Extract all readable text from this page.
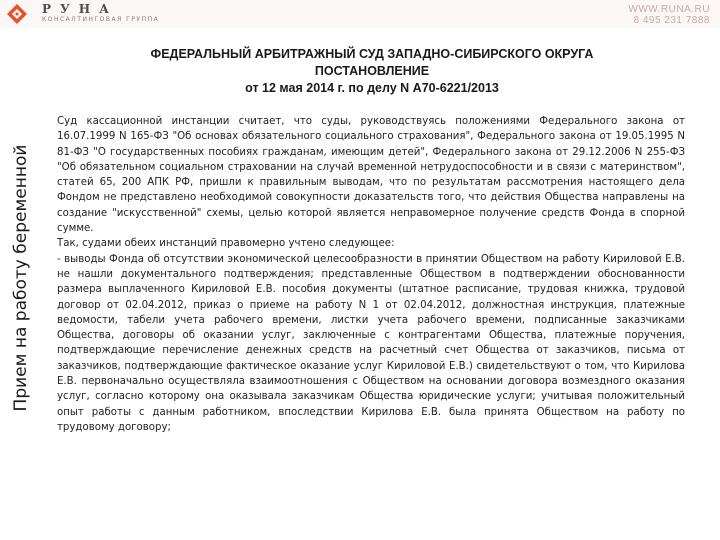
РУНА
КОНСАЛТИНГОВАЯ ГРУППА
WWW.RUNA.RU
8 495 231 7888
Прием на работу беременной
ФЕДЕРАЛЬНЫЙ АРБИТРАЖНЫЙ СУД ЗАПАДНО-СИБИРСКОГО ОКРУГА
ПОСТАНОВЛЕНИЕ
от 12 мая 2014 г. по делу N А70-6221/2013

Суд кассационной инстанции считает, что суды, руководствуясь положениями Федерального закона от 16.07.1999 N 165-ФЗ "Об основах обязательного социального страхования", Федерального закона от 19.05.1995 N 81-ФЗ "О государственных пособиях гражданам, имеющим детей", Федерального закона от 29.12.2006 N 255-ФЗ "Об обязательном социальном страховании на случай временной нетрудоспособности и в связи с материнством", статей 65, 200 АПК РФ, пришли к правильным выводам, что по результатам рассмотрения настоящего дела Фондом не представлено необходимой совокупности доказательств того, что действия Общества направлены на создание "искусственной" схемы, целью которой является неправомерное получение средств Фонда в спорной сумме.

Так, судами обеих инстанций правомерно учтено следующее:

- выводы Фонда об отсутствии экономической целесообразности в принятии Обществом на работу Кириловой Е.В. не нашли документального подтверждения; представленные Обществом в подтверждении обоснованности размера выплаченного Кириловой Е.В. пособия документы (штатное расписание, трудовая книжка, трудовой договор от 02.04.2012, приказ о приеме на работу N 1 от 02.04.2012, должностная инструкция, платежные ведомости, табели учета рабочего времени, листки учета рабочего времени, подписанные заказчиками Общества, договоры об оказании услуг, заключенные с контрагентами Общества, платежные поручения, подтверждающие перечисление денежных средств на расчетный счет Общества от заказчиков, письма от заказчиков, подтверждающие фактическое оказание услуг Кириловой Е.В.) свидетельствуют о том, что Кирилова Е.В. первоначально осуществляла взаимоотношения с Обществом на основании договора возмездного оказания услуг, согласно которому она оказывала заказчикам Общества юридические услуги; учитывая положительный опыт работы с данным работником, впоследствии Кирилова Е.В. была принята Обществом на работу по трудовому договору;
